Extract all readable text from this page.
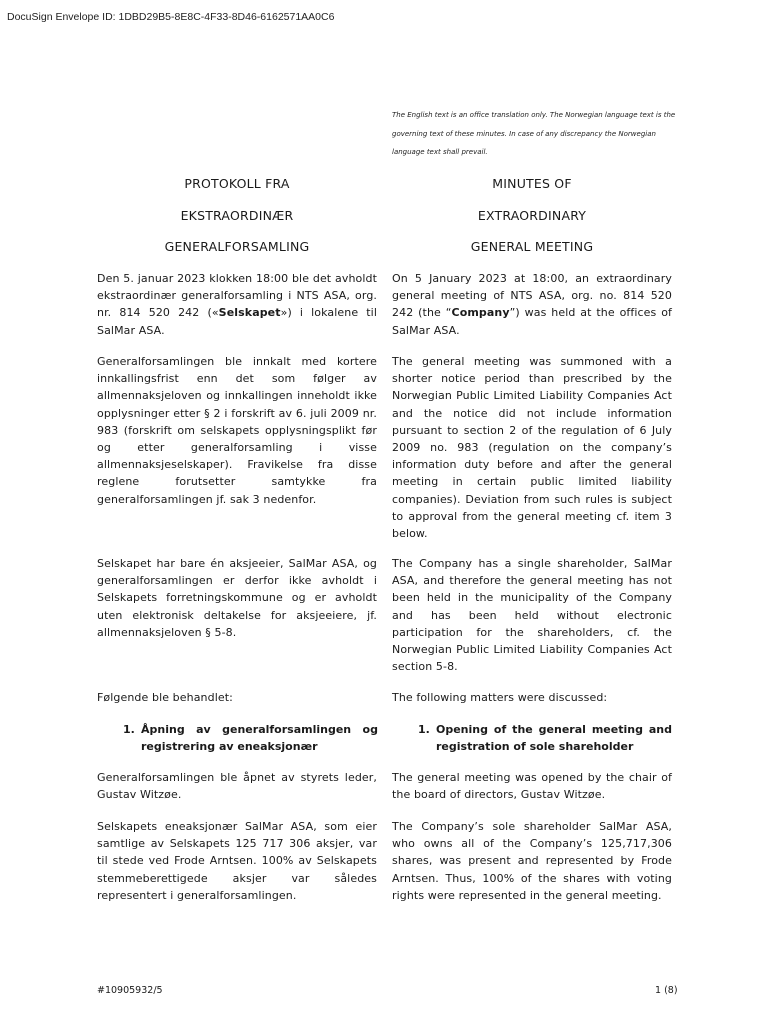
DocuSign Envelope ID: 1DBD29B5-8E8C-4F33-8D46-6162571AA0C6
The English text is an office translation only. The Norwegian language text is the governing text of these minutes. In case of any discrepancy the Norwegian language text shall prevail.
PROTOKOLL FRA
EKSTRAORDINÆR
GENERALFORSAMLING
MINUTES OF
EXTRAORDINARY
GENERAL MEETING

Den 5. januar 2023 klokken 18:00 ble det avholdt ekstraordinær generalforsamling i NTS ASA, org. nr. 814 520 242 («Selskapet») i lokalene til SalMar ASA.

On 5 January 2023 at 18:00, an extraordinary general meeting of NTS ASA, org. no. 814 520 242 (the “Company”) was held at the offices of SalMar ASA.

Generalforsamlingen ble innkalt med kortere innkallingsfrist enn det som følger av allmennaksjeloven og innkallingen inneholdt ikke opplysninger etter § 2 i forskrift av 6. juli 2009 nr. 983 (forskrift om selskapets opplysningsplikt før og etter generalforsamling i visse allmennaksjeselskaper). Fravikelse fra disse reglene forutsetter samtykke fra generalforsamlingen jf. sak 3 nedenfor.

The general meeting was summoned with a shorter notice period than prescribed by the Norwegian Public Limited Liability Companies Act and the notice did not include information pursuant to section 2 of the regulation of 6 July 2009 no. 983 (regulation on the company’s information duty before and after the general meeting in certain public limited liability companies). Deviation from such rules is subject to approval from the general meeting cf. item 3 below.

Selskapet har bare én aksjeeier, SalMar ASA, og generalforsamlingen er derfor ikke avholdt i Selskapets forretningskommune og er avholdt uten elektronisk deltakelse for aksjeeiere, jf. allmennaksjeloven § 5-8.

The Company has a single shareholder, SalMar ASA, and therefore the general meeting has not been held in the municipality of the Company and has been held without electronic participation for the shareholders, cf. the Norwegian Public Limited Liability Companies Act section 5-8.

Følgende ble behandlet:	The following matters were discussed:

1. Åpning av generalforsamlingen og registrering av eneaksjonær
1. Opening of the general meeting and registration of sole shareholder

Generalforsamlingen ble åpnet av styrets leder, Gustav Witzøe.

The general meeting was opened by the chair of the board of directors, Gustav Witzøe.

Selskapets eneaksjonær SalMar ASA, som eier samtlige av Selskapets 125 717 306 aksjer, var til stede ved Frode Arntsen. 100% av Selskapets stemmeberettigede aksjer var således representert i generalforsamlingen.

The Company’s sole shareholder SalMar ASA, who owns all of the Company’s 125,717,306 shares, was present and represented by Frode Arntsen. Thus, 100% of the shares with voting rights were represented in the general meeting.

#10905932/5	1 (8)
